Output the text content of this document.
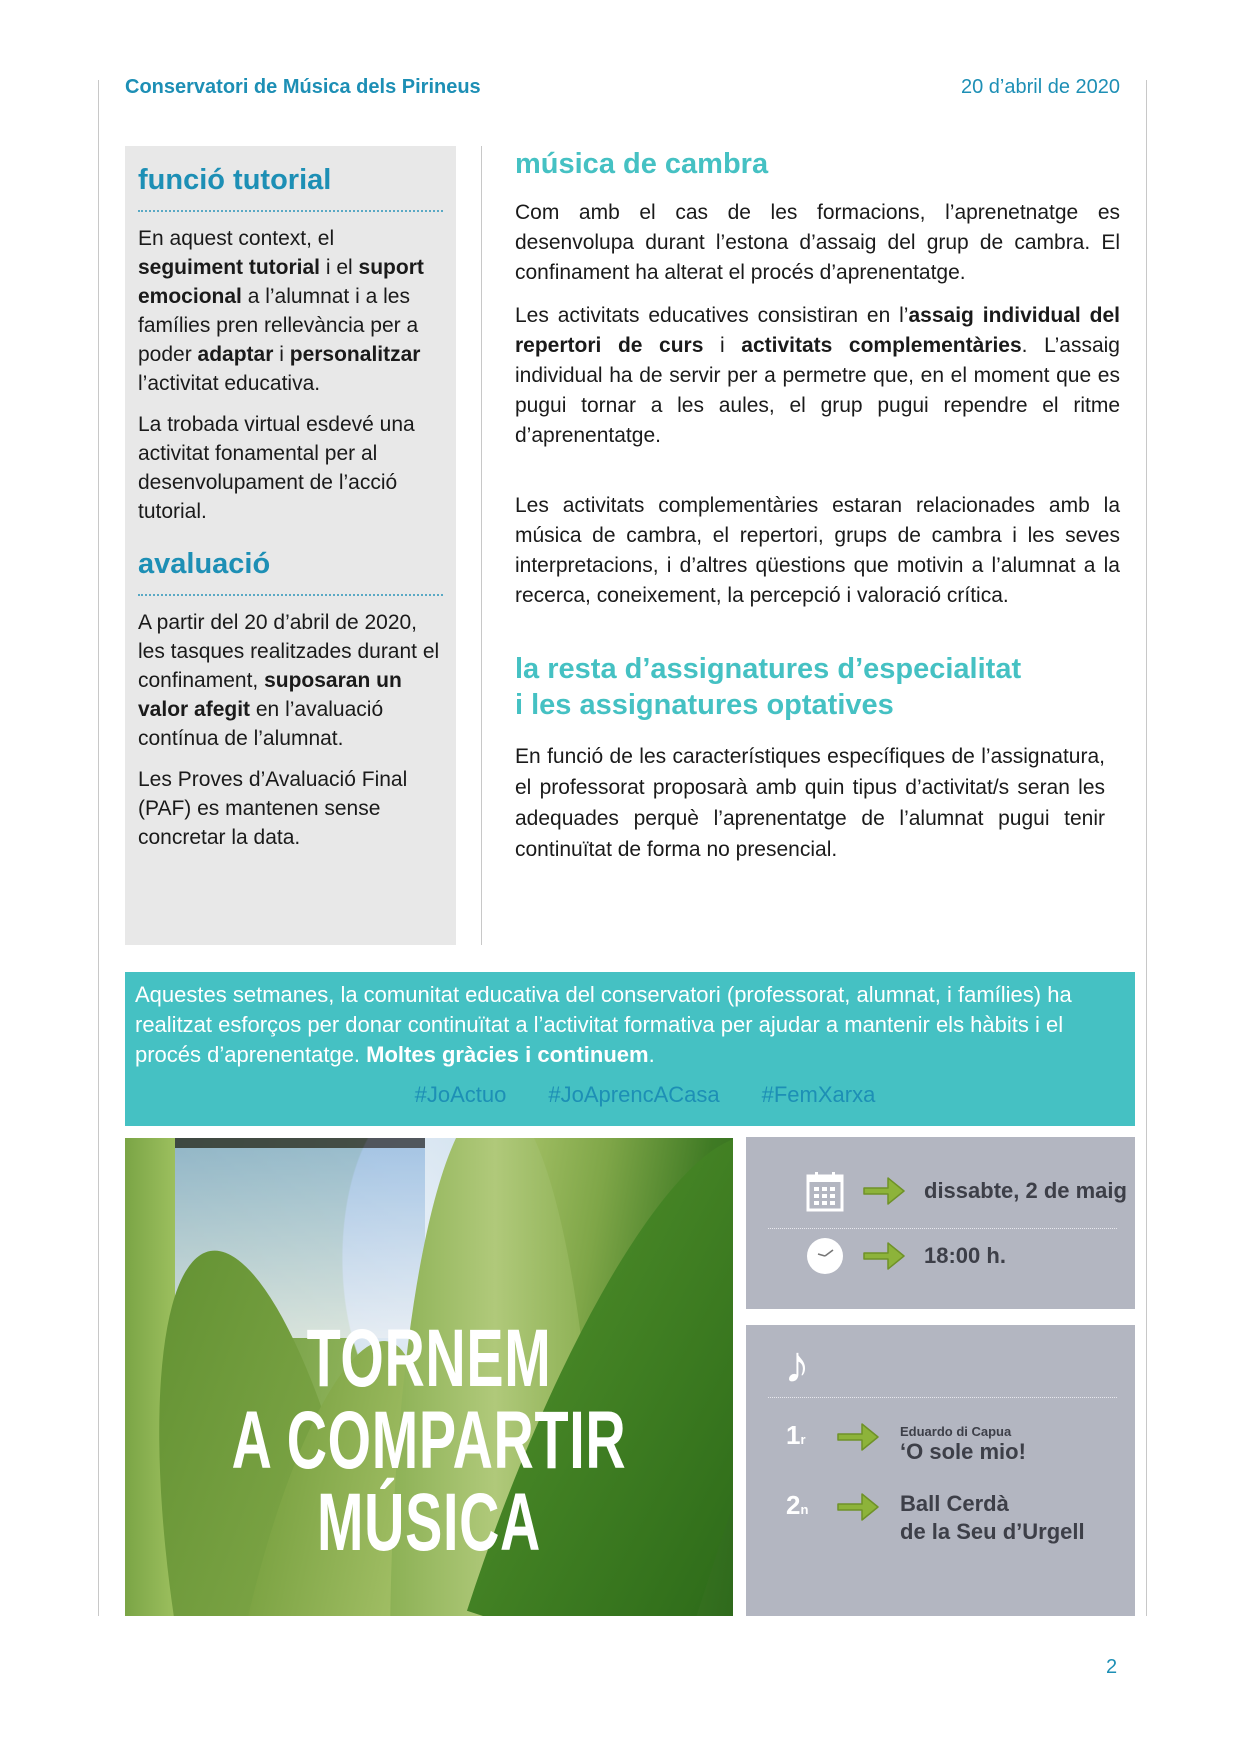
Conservatori de Música dels Pirineus	20 d’abril de 2020
funció tutorial

En aquest context, el seguiment tutorial i el suport emocional a l’alumnat i a les famílies pren rellevància per a poder adaptar i personalitzar l’activitat educativa.

La trobada virtual esdevé una activitat fonamental per al desenvolupament de l’acció tutorial.

avaluació

A partir del 20 d’abril de 2020, les tasques realitzades durant el confinament, suposaran un valor afegit en l’avaluació contínua de l’alumnat.

Les Proves d’Avaluació Final (PAF) es mantenen sense concretar la data.

música de cambra

Com amb el cas de les formacions, l’aprenetnatge es desenvolupa durant l’estona d’assaig del grup de cambra. El confinament ha alterat el procés d’aprenentatge.

Les activitats educatives consistiran en l’assaig individual del repertori de curs i activitats complementàries. L’assaig individual ha de servir per a permetre que, en el moment que es pugui tornar a les aules, el grup pugui rependre el ritme d’aprenentatge.

Les activitats complementàries estaran relacionades amb la música de cambra, el repertori, grups de cambra i les seves interpretacions, i d’altres qüestions que motivin a l’alumnat a la recerca, coneixement, la percepció i valoració crítica.

la resta d’assignatures d’especialitat
i les assignatures optatives

En funció de les característiques específiques de l’assignatura, el professorat proposarà amb quin tipus d’activitat/s seran les adequades perquè l’aprenentatge de l’alumnat pugui tenir continuïtat de forma no presencial.

Aquestes setmanes, la comunitat educativa del conservatori (professorat, alumnat, i famílies) ha realitzat esforços per donar continuïtat a l’activitat formativa per ajudar a mantenir els hàbits i el procés d’aprenentatge. Moltes gràcies i continuem.

#JoActuo #JoAprencACasa #FemXarxa
TORNEM
A COMPARTIR MÚSICA
dissabte, 2 de maig
18:00 h.
♪
1r
Eduardo di Capua
‘O sole mio!
2n	Ball Cerdà
de la Seu d’Urgell
2
